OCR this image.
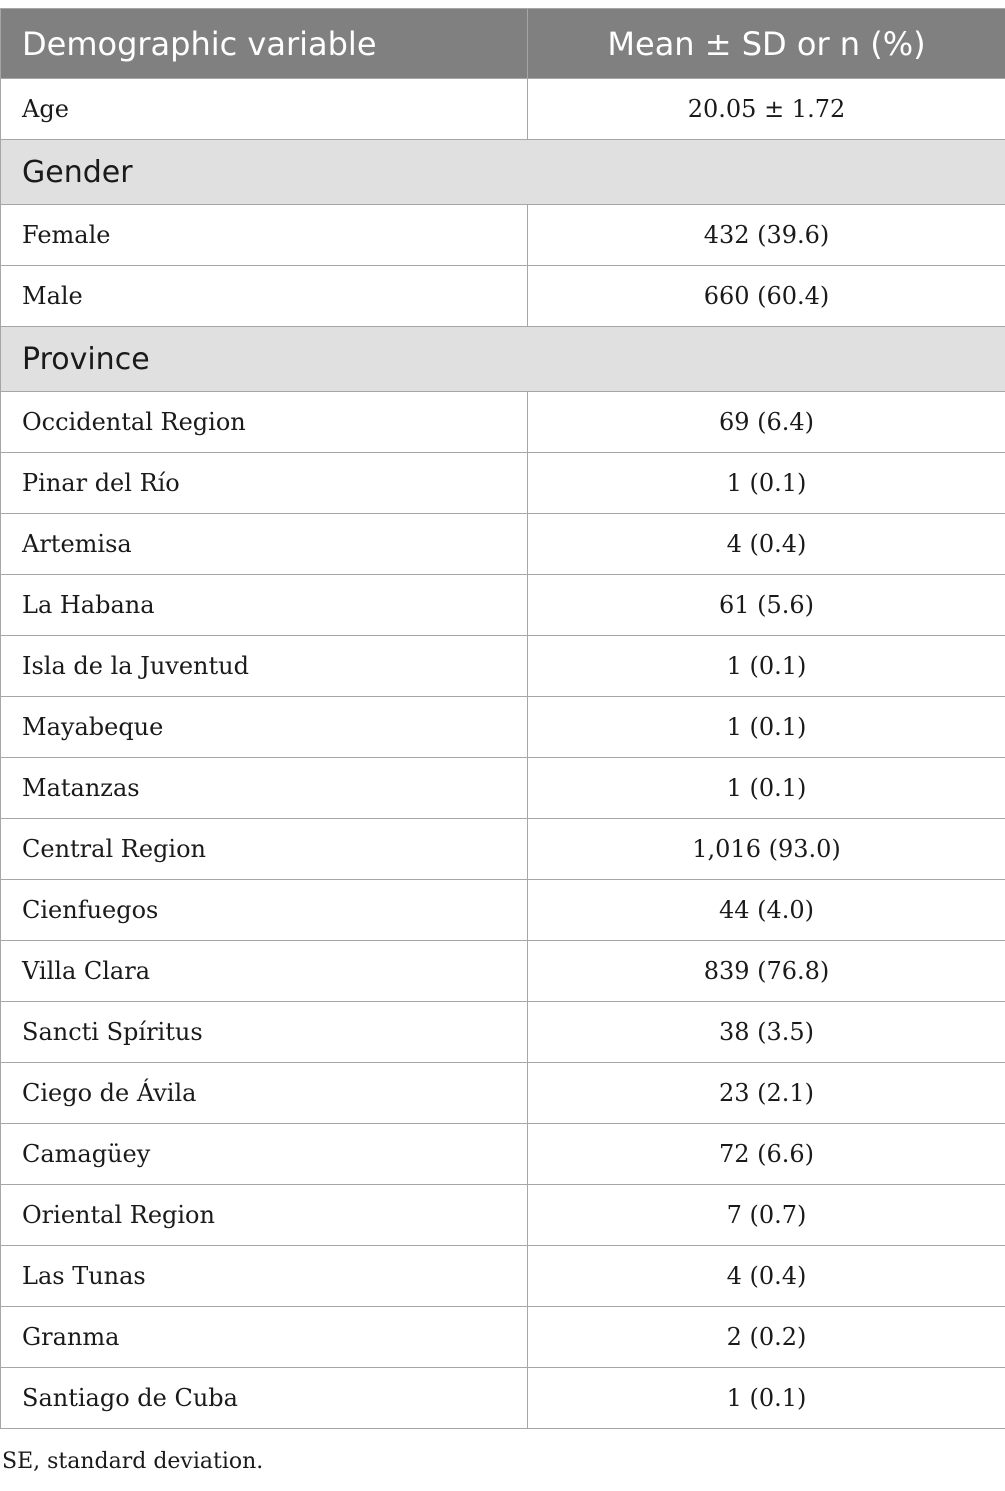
Demographic variable	Mean ± SD or n (%)
Age	20.05 ± 1.72
Gender	
Female	432 (39.6)
Male	660 (60.4)
Province	
Occidental Region	69 (6.4)
Pinar del Río	1 (0.1)
Artemisa	4 (0.4)
La Habana	61 (5.6)
Isla de la Juventud	1 (0.1)
Mayabeque	1 (0.1)
Matanzas	1 (0.1)
Central Region	1,016 (93.0)
Cienfuegos	44 (4.0)
Villa Clara	839 (76.8)
Sancti Spíritus	38 (3.5)
Ciego de Ávila	23 (2.1)
Camagüey	72 (6.6)
Oriental Region	7 (0.7)
Las Tunas	4 (0.4)
Granma	2 (0.2)
Santiago de Cuba	1 (0.1)
SE, standard deviation.
